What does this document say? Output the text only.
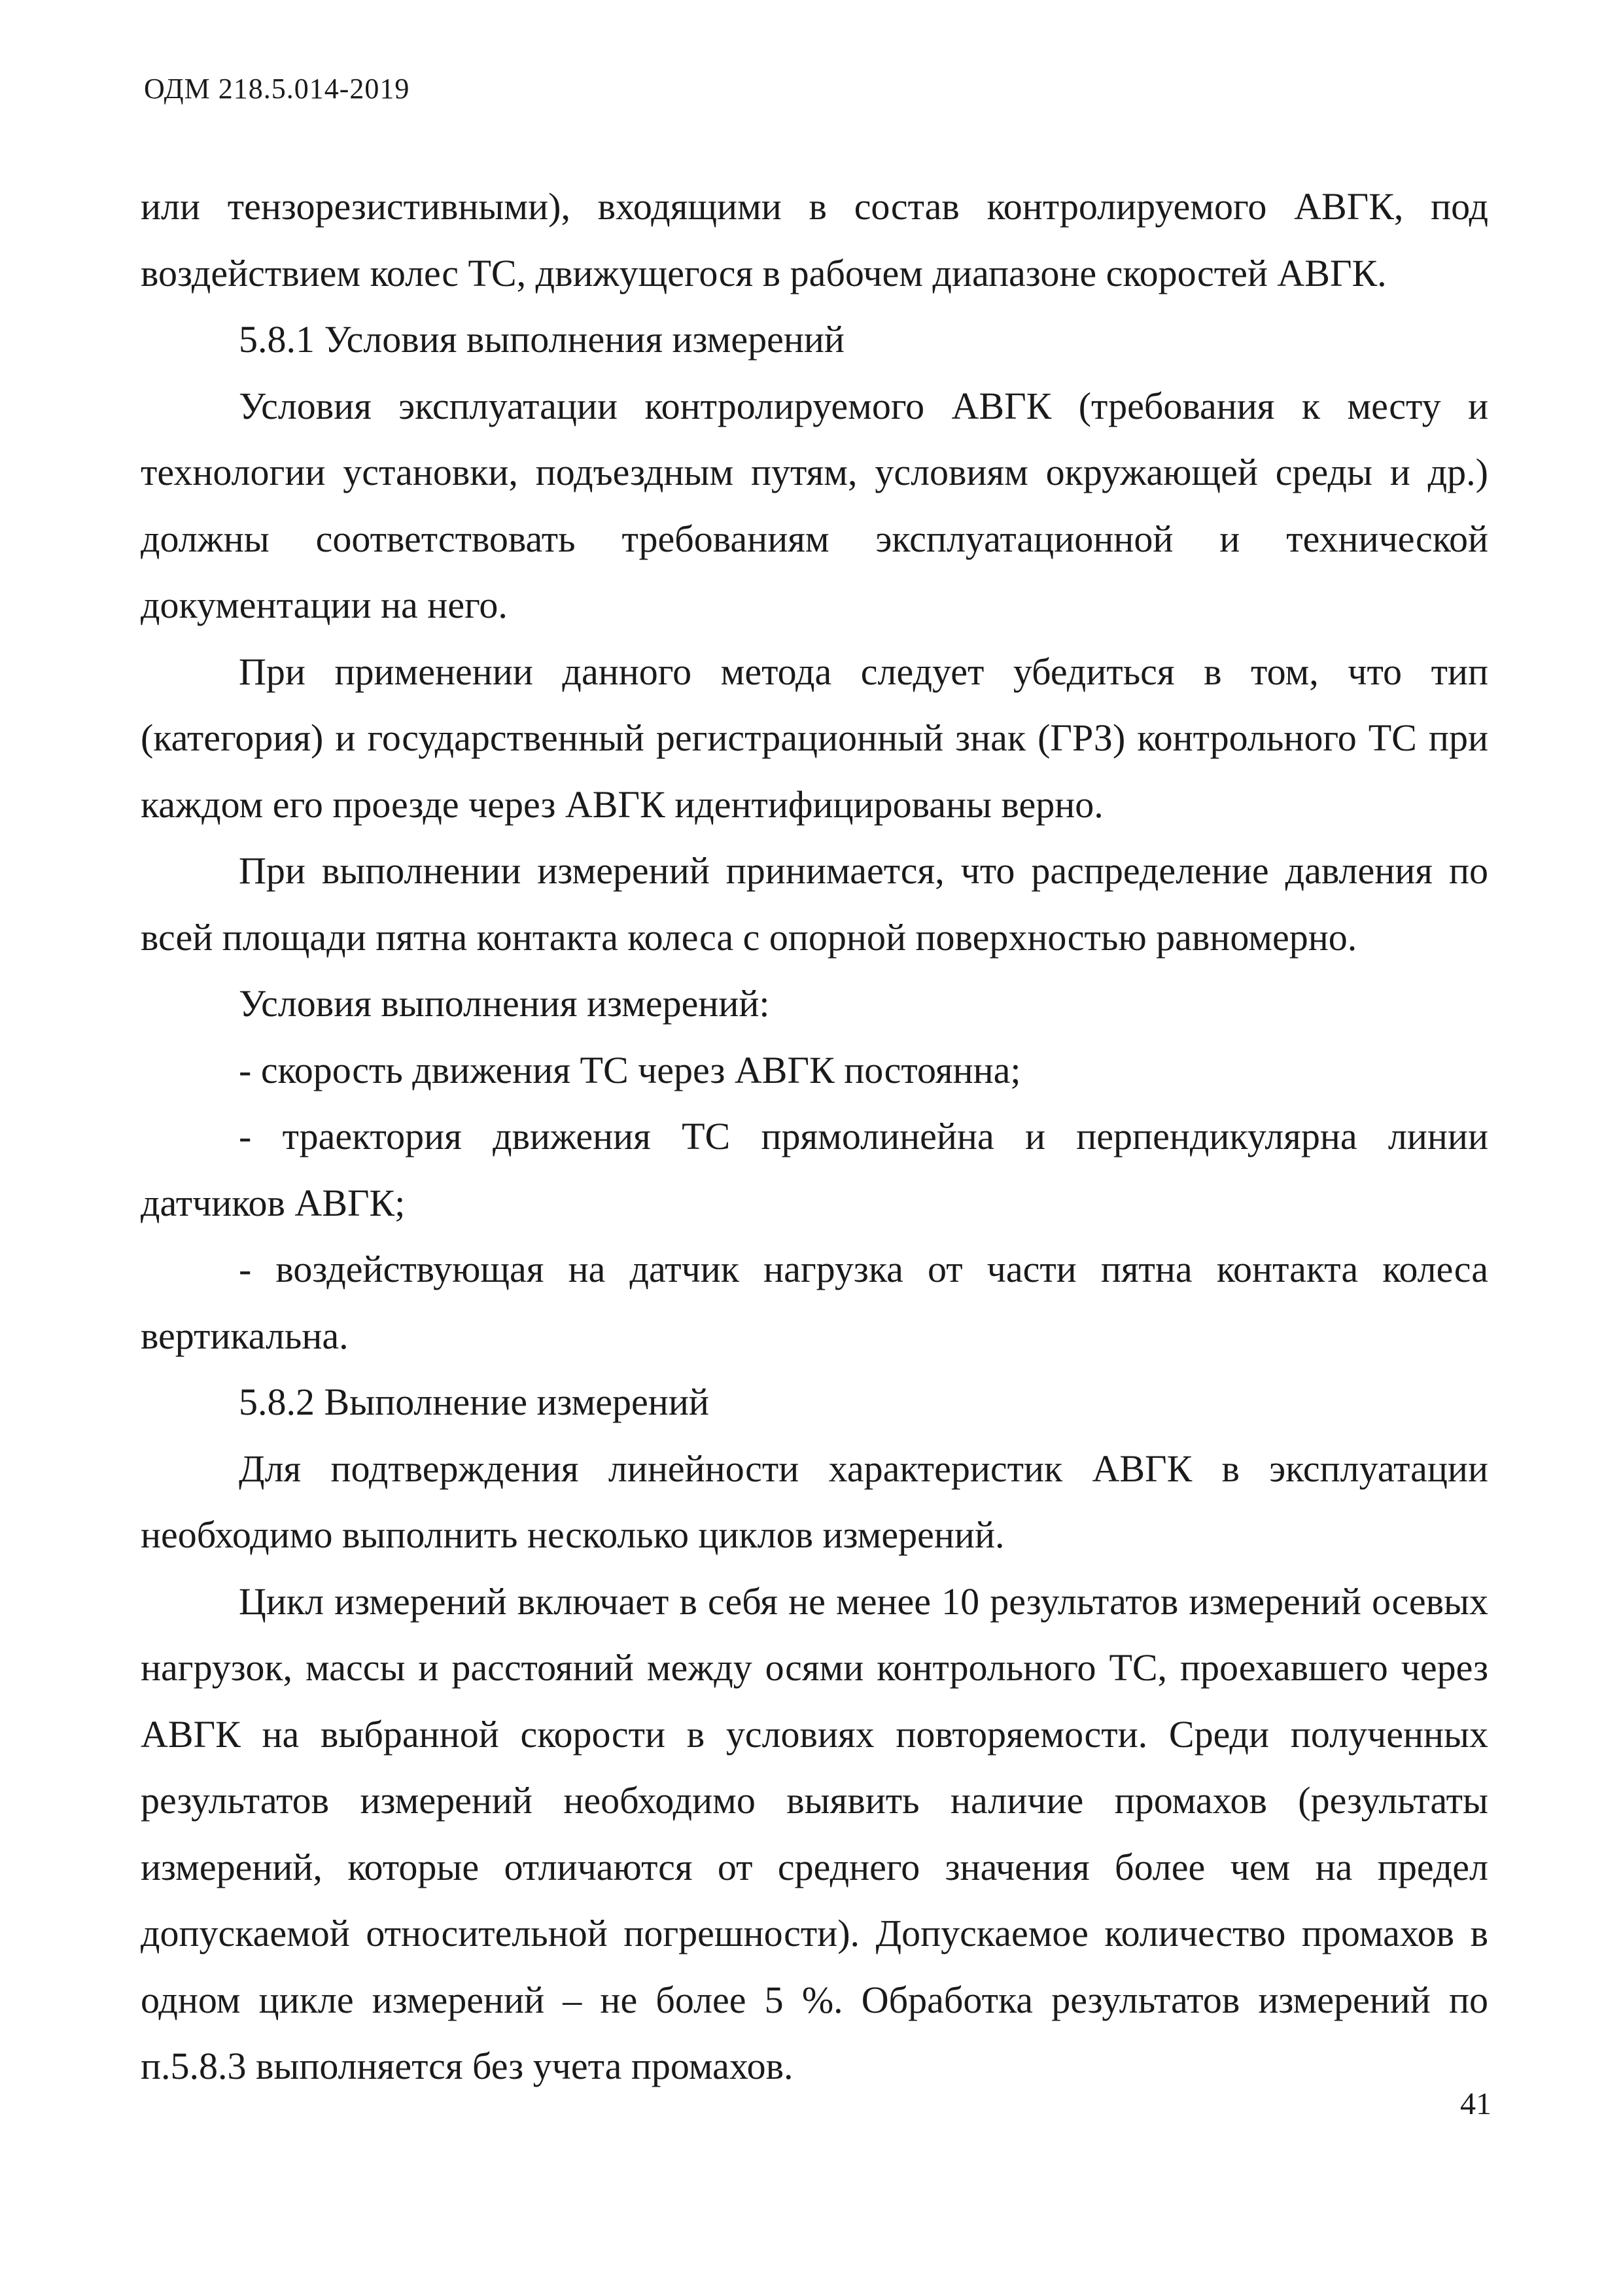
ОДМ 218.5.014-2019

или тензорезистивными), входящими в состав контролируемого АВГК, под воздействием колес ТС, движущегося в рабочем диапазоне скоростей АВГК.

5.8.1 Условия выполнения измерений

Условия эксплуатации контролируемого АВГК (требования к месту и технологии установки, подъездным путям, условиям окружающей среды и др.) должны соответствовать требованиям эксплуатационной и технической документации на него.

При применении данного метода следует убедиться в том, что тип (категория) и государственный регистрационный знак (ГРЗ) контрольного ТС при каждом его проезде через АВГК идентифицированы верно.

При выполнении измерений принимается, что распределение давления по всей площади пятна контакта колеса с опорной поверхностью равномерно.

Условия выполнения измерений:

- скорость движения ТС через АВГК постоянна;

- траектория движения ТС прямолинейна и перпендикулярна линии датчиков АВГК;

- воздействующая на датчик нагрузка от части пятна контакта колеса вертикальна.

5.8.2 Выполнение измерений

Для подтверждения линейности характеристик АВГК в эксплуатации необходимо выполнить несколько циклов измерений.

Цикл измерений включает в себя не менее 10 результатов измерений осевых нагрузок, массы и расстояний между осями контрольного ТС, проехавшего через АВГК на выбранной скорости в условиях повторяемости. Среди полученных результатов измерений необходимо выявить наличие промахов (результаты измерений, которые отличаются от среднего значения более чем на предел допускаемой относительной погрешности). Допускаемое количество промахов в одном цикле измерений – не более 5 %. Обработка результатов измерений по п.5.8.3 выполняется без учета промахов.

41
